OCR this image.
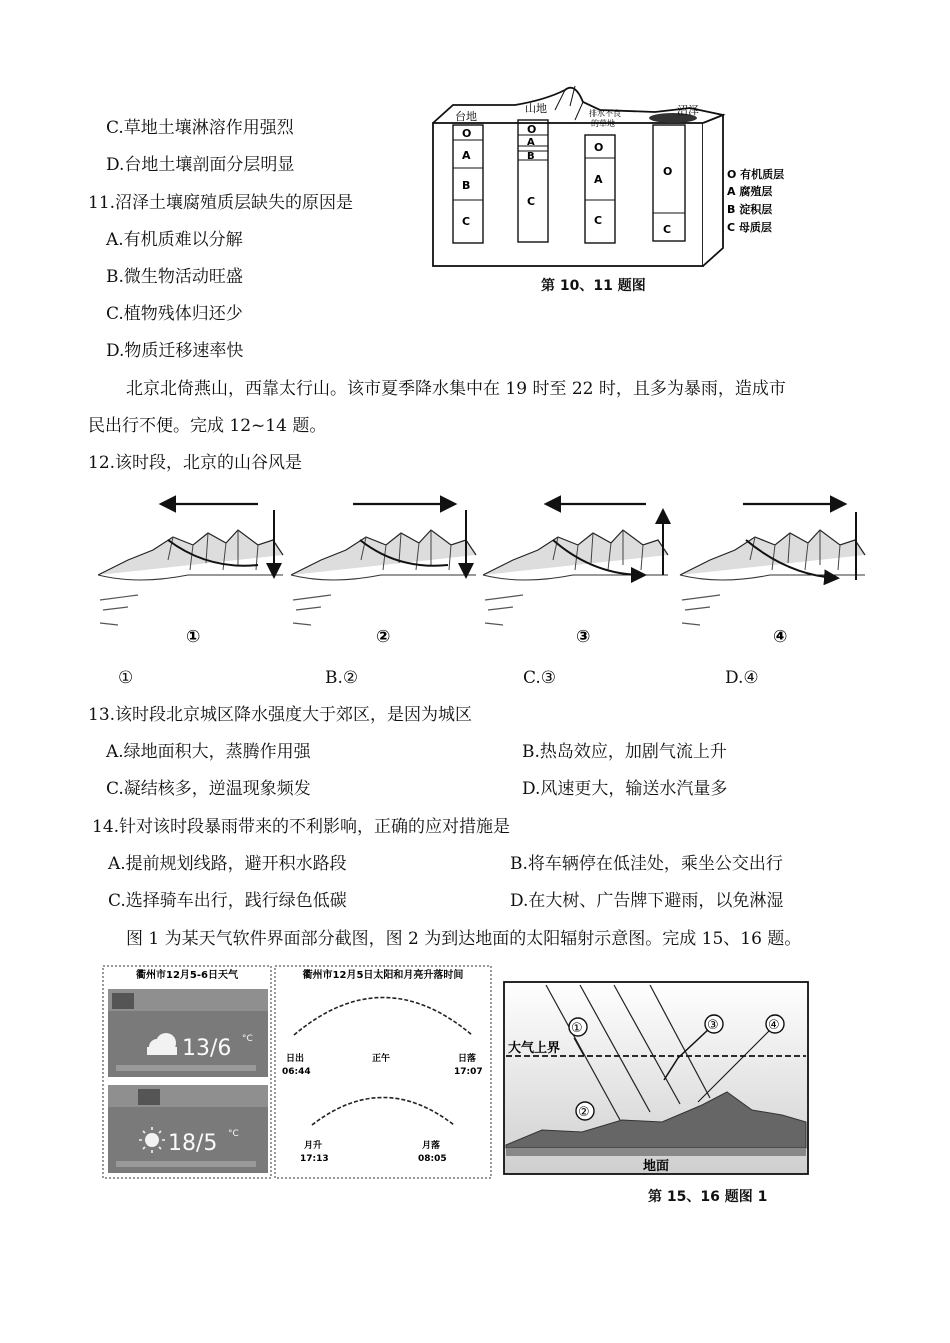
C.草地土壤淋溶作用强烈
D.台地土壤剖面分层明显
11.沼泽土壤腐殖质层缺失的原因是
A.有机质难以分解
B.微生物活动旺盛
C.植物残体归还少
D.物质迁移速率快
台地
山地	排水不良
的草地
沼泽
O
A
B
C
O
A
B
C
O
A
C
O
C
O 有机质层
A 腐殖层
B 淀积层
C 母质层
第 10、11 题图
北京北倚燕山，西靠太行山。该市夏季降水集中在 19 时至 22 时，且多为暴雨，造成市
民出行不便。完成 12~14 题。
12.该时段，北京的山谷风是
①	②	③	④
①	B.②	C.③	D.④
13.该时段北京城区降水强度大于郊区，是因为城区
A.绿地面积大，蒸腾作用强	B.热岛效应，加剧气流上升
C.凝结核多，逆温现象频发	D.风速更大，输送水汽量多
14.针对该时段暴雨带来的不利影响，正确的应对措施是
A.提前规划线路，避开积水路段	B.将车辆停在低洼处，乘坐公交出行
C.选择骑车出行，践行绿色低碳	D.在大树、广告牌下避雨，以免淋湿
图 1 为某天气软件界面部分截图，图 2 为到达地面的太阳辐射示意图。完成 15、16 题。
衢州市12月5-6日天气
13/6 °C
18/5 °C
衢州市12月5日太阳和月亮升落时间
日出
06:44
正午	日落
17:07
月升
17:13
月落
08:05
大气上界
①
②
③	④
地面
第 15、16 题图 1
